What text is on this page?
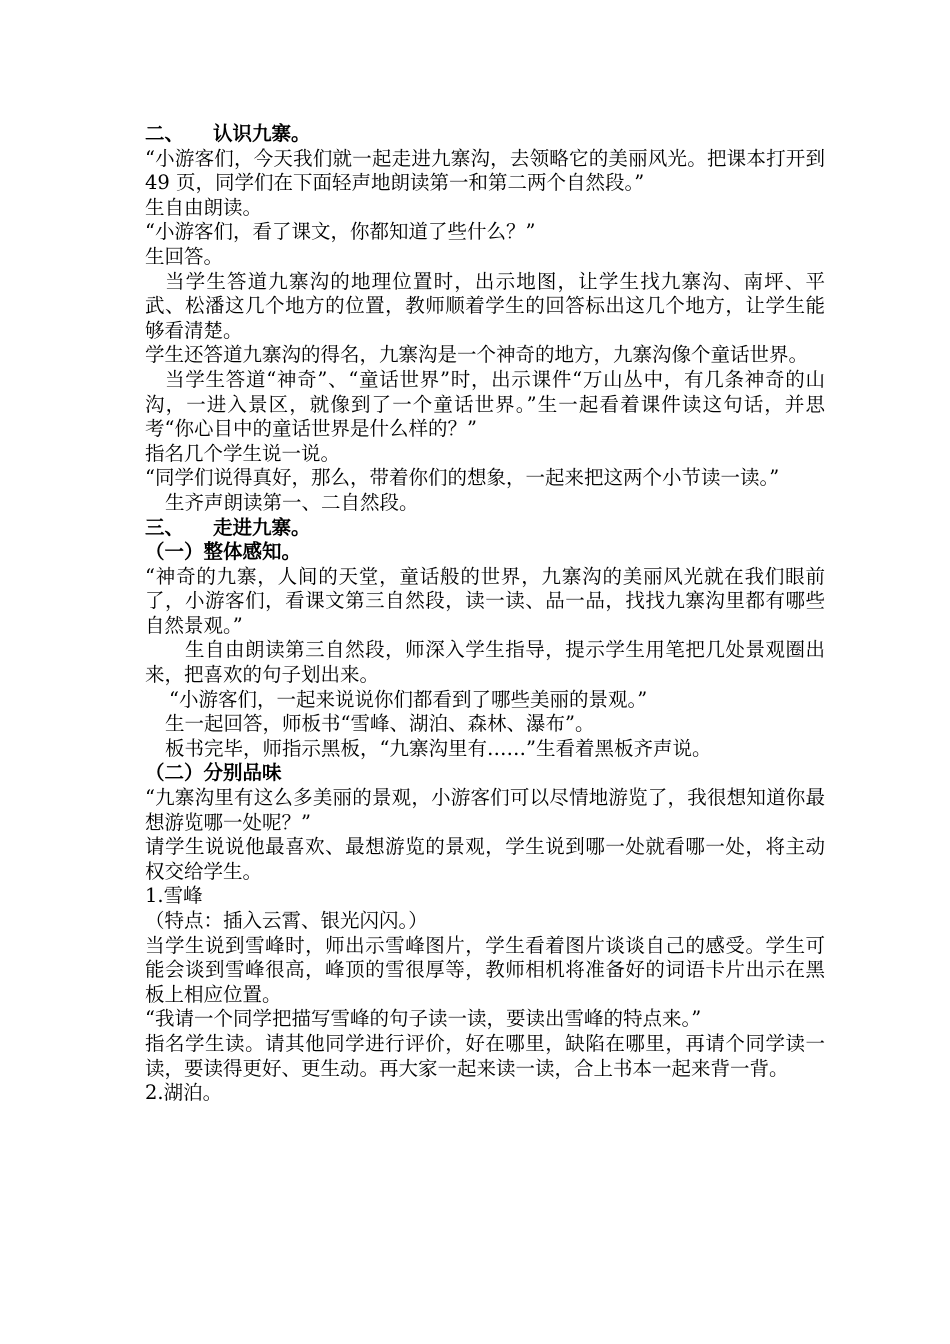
二、 认识九寨。

“小游客们，今天我们就一起走进九寨沟，去领略它的美丽风光。把课本打开到 49 页，同学们在下面轻声地朗读第一和第二两个自然段。”

生自由朗读。

“小游客们，看了课文，你都知道了些什么？”

生回答。

当学生答道九寨沟的地理位置时，出示地图，让学生找九寨沟、南坪、平武、松潘这几个地方的位置，教师顺着学生的回答标出这几个地方，让学生能够看清楚。

学生还答道九寨沟的得名，九寨沟是一个神奇的地方，九寨沟像个童话世界。

当学生答道“神奇”、“童话世界”时，出示课件“万山丛中，有几条神奇的山沟，一进入景区，就像到了一个童话世界。”生一起看着课件读这句话，并思考“你心目中的童话世界是什么样的？”

指名几个学生说一说。

“同学们说得真好，那么，带着你们的想象，一起来把这两个小节读一读。”

生齐声朗读第一、二自然段。

三、 走进九寨。

（一）整体感知。

“神奇的九寨，人间的天堂，童话般的世界，九寨沟的美丽风光就在我们眼前了，小游客们，看课文第三自然段，读一读、品一品，找找九寨沟里都有哪些自然景观。”

生自由朗读第三自然段，师深入学生指导，提示学生用笔把几处景观圈出来，把喜欢的句子划出来。

“小游客们，一起来说说你们都看到了哪些美丽的景观。”

生一起回答，师板书“雪峰、湖泊、森林、瀑布”。

板书完毕，师指示黑板，“九寨沟里有……”生看着黑板齐声说。

（二）分别品味

“九寨沟里有这么多美丽的景观，小游客们可以尽情地游览了，我很想知道你最想游览哪一处呢？”

请学生说说他最喜欢、最想游览的景观，学生说到哪一处就看哪一处，将主动权交给学生。

1.雪峰

（特点：插入云霄、银光闪闪。）

当学生说到雪峰时，师出示雪峰图片，学生看着图片谈谈自己的感受。学生可能会谈到雪峰很高，峰顶的雪很厚等，教师相机将准备好的词语卡片出示在黑板上相应位置。

“我请一个同学把描写雪峰的句子读一读，要读出雪峰的特点来。”

指名学生读。请其他同学进行评价，好在哪里，缺陷在哪里，再请个同学读一读，要读得更好、更生动。再大家一起来读一读，合上书本一起来背一背。

2.湖泊。
